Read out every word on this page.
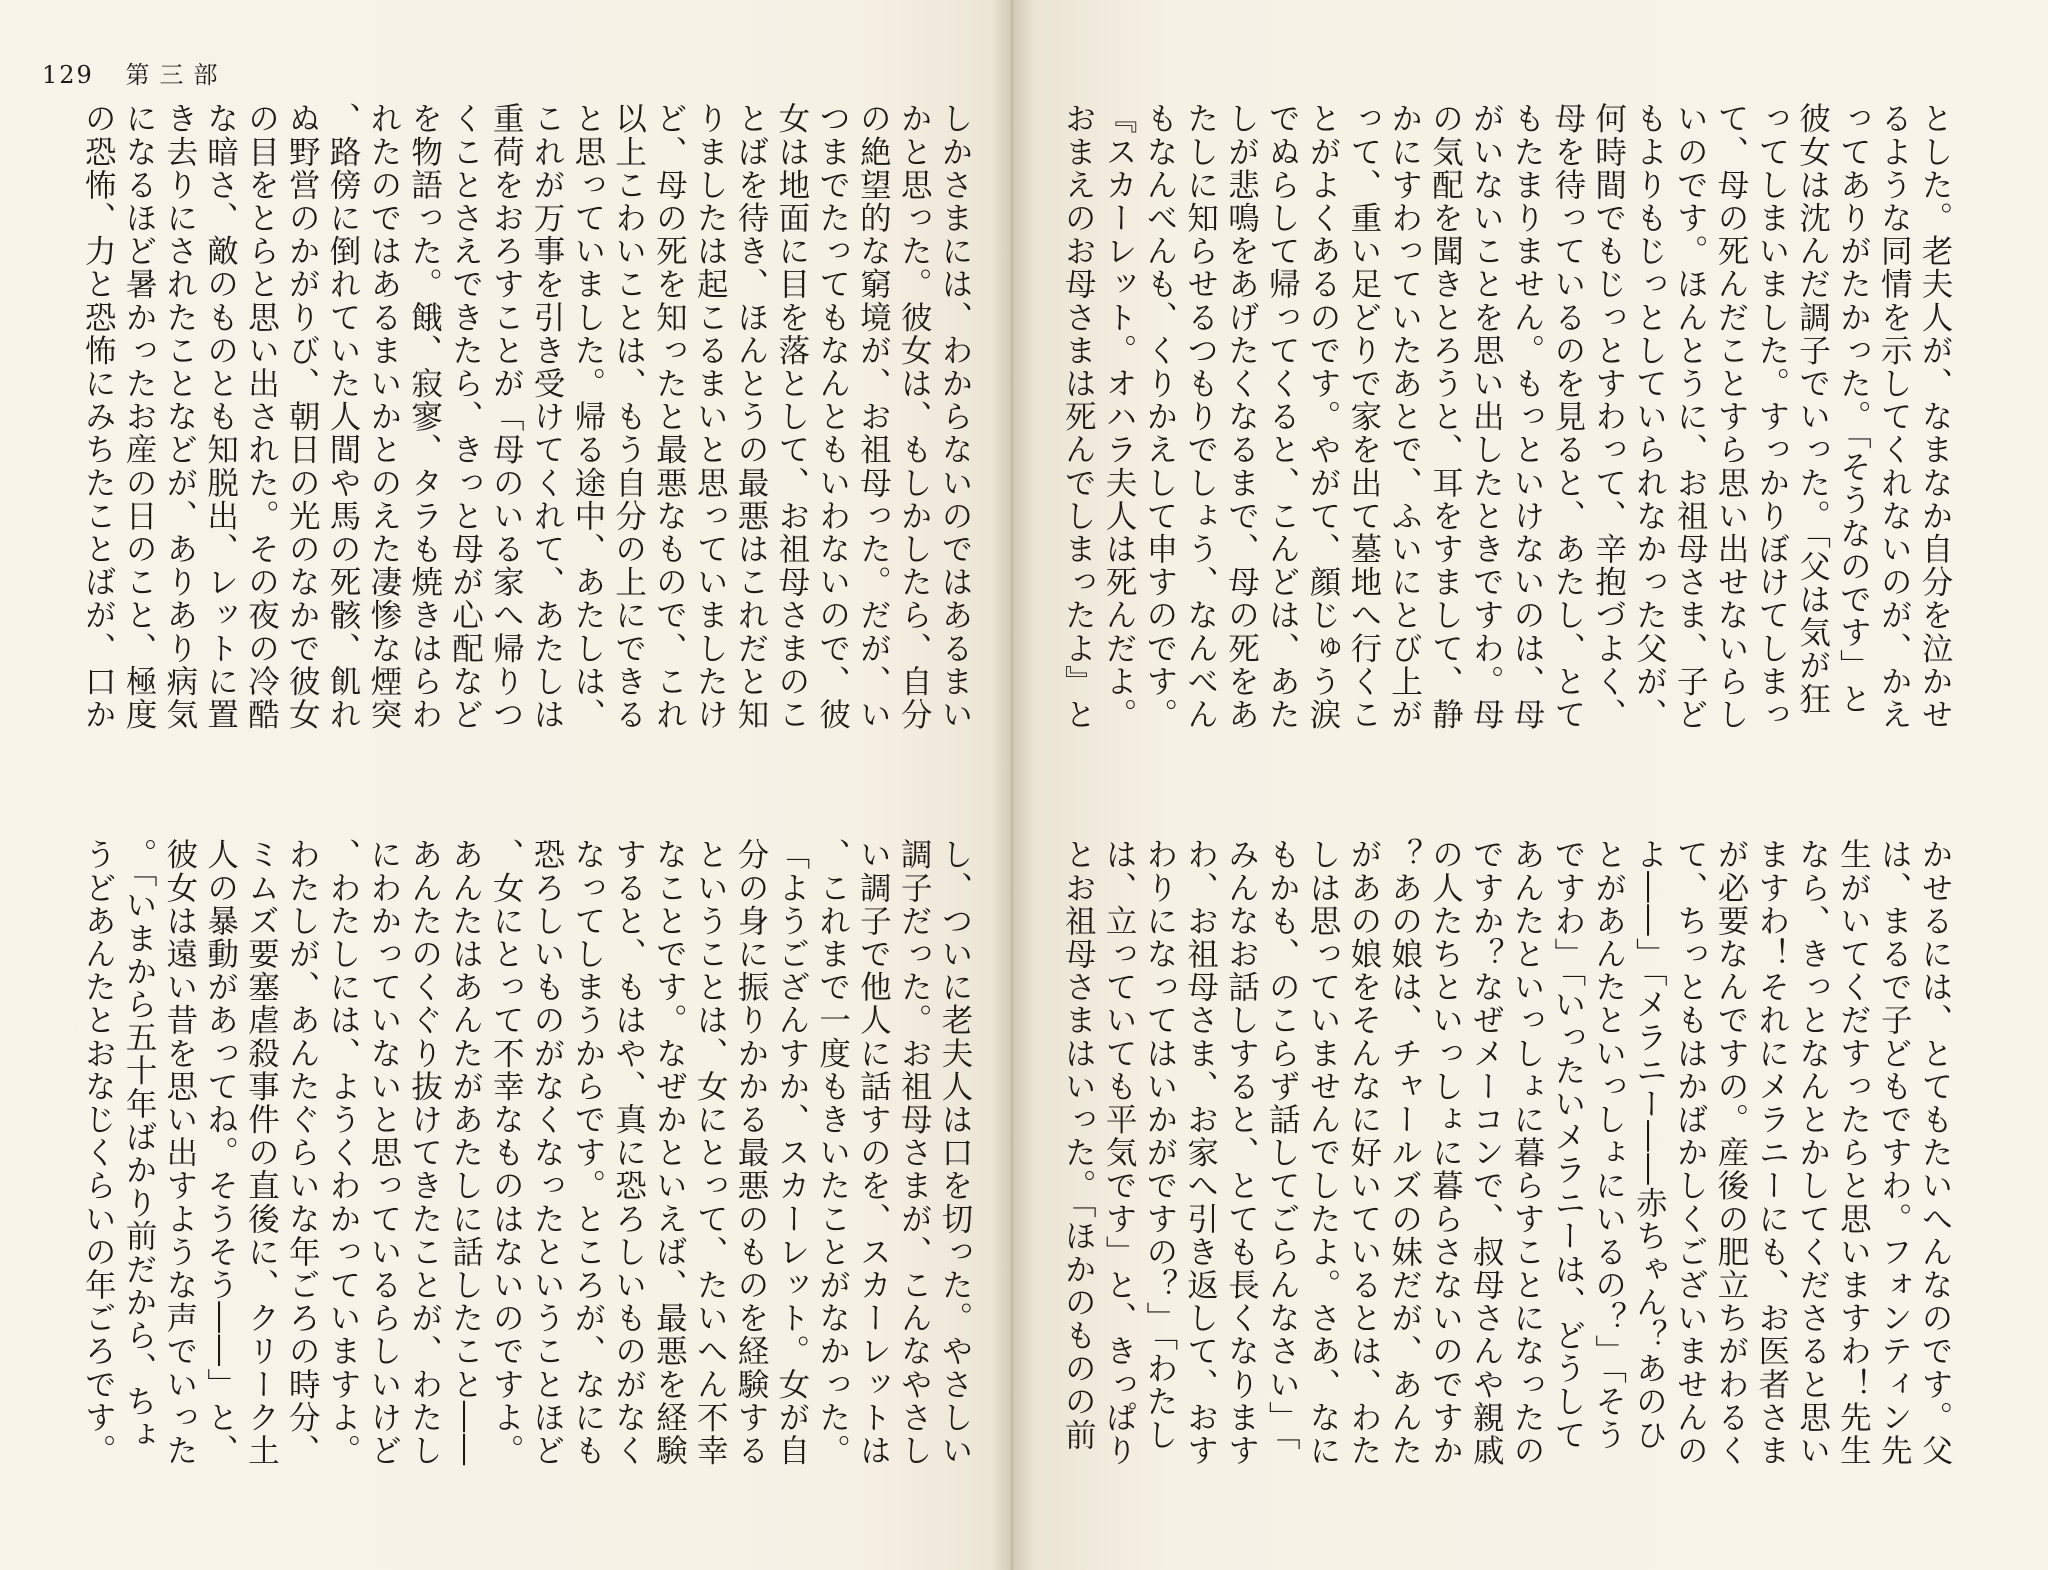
129 第三部
しかさまには、わからないのではあるまい
かと思った。彼女は、もしかしたら、自分
の絶望的な窮境が、お祖母った。だが、い
つまでたってもなんともいわないので、彼
女は地面に目を落として、お祖母さまのこ
とばを待き、ほんとうの最悪はこれだと知
りましたは起こるまいと思っていましたけ
ど、母の死を知ったと最悪なもので、これ
以上こわいことは、もう自分の上にできる
と思っていました。帰る途中、あたしは、
これが万事を引き受けてくれて、あたしは
重荷をおろすことが「母のいる家へ帰りつ
くことさえできたら、きっと母が心配など
を物語った。餓、寂寥、タラも焼きはらわ
れたのではあるまいかとのえた凄惨な煙突
、路傍に倒れていた人間や馬の死骸、飢れ
ぬ野営のかがりび、朝日の光のなかで彼女
の目をとらと思い出された。その夜の冷酷
な暗さ、敵のものとも知脱出、レットに置
き去りにされたことなどが、ありあり病気
になるほど暑かったお産の日のこと、極度
の恐怖、力と恐怖にみちたことばが、口か

し、ついに老夫人は口を切った。やさしい
調子だった。お祖母さまが、こんなやさし
い調子で他人に話すのを、スカーレットは
、これまで一度もきいたことがなかった。
「ようござんすか、スカーレット。女が自
分の身に振りかかる最悪のものを経験する
ということは、女にとって、たいへん不幸
なことです。なぜかといえば、最悪を経験
すると、もはや、真に恐ろしいものがなく
なってしまうからです。ところが、なにも
恐ろしいものがなくなったということほど
、女にとって不幸なものはないのですよ。
あんたはあんたがあたしに話したこと――
あんたのくぐり抜けてきたことが、わたし
にわかっていないと思っているらしいけど
、わたしには、ようくわかっていますよ。
わたしが、あんたぐらいな年ごろの時分、
ミムズ要塞虐殺事件の直後に、クリーク土
人の暴動があってね。そうそう――」と、
彼女は遠い昔を思い出すような声でいった
。「いまから五十年ばかり前だから、ちょ
うどあんたとおなじくらいの年ごろです。

とした。老夫人が、なまなか自分を泣かせ
るような同情を示してくれないのが、かえ
ってありがたかった。「そうなのです」と
彼女は沈んだ調子でいった。「父は気が狂
ってしまいました。すっかりぼけてしまっ
て、母の死んだことすら思い出せないらし
いのです。ほんとうに、お祖母さま、子ど
もよりもじっとしていられなかった父が、
何時間でもじっとすわって、辛抱づよく、
母を待っているのを見ると、あたし、とて
もたまりません。もっといけないのは、母
がいないことを思い出したときですわ。母
の気配を聞きとろうと、耳をすまして、静
かにすわっていたあとで、ふいにとび上が
って、重い足どりで家を出て墓地へ行くこ
とがよくあるのです。やがて、顔じゅう涙
でぬらして帰ってくると、こんどは、あた
しが悲鳴をあげたくなるまで、母の死をあ
たしに知らせるつもりでしょう、なんべん
もなんべんも、くりかえして申すのです。
『スカーレット。オハラ夫人は死んだよ。
おまえのお母さまは死んでしまったよ』と

かせるには、とてもたいへんなのです。父
は、まるで子どもですわ。フォンティン先
生がいてくだすったらと思いますわ！先生
なら、きっとなんとかしてくださると思い
ますわ！それにメラニーにも、お医者さま
が必要なんですの。産後の肥立ちがわるく
て、ちっともはかばかしくございませんの
よ――」「メラニー――赤ちゃん？あのひ
とがあんたといっしょにいるの？」「そう
ですわ」「いったいメラニーは、どうして
あんたといっしょに暮らすことになったの
ですか？なぜメーコンで、叔母さんや親戚
の人たちといっしょに暮らさないのですか
？あの娘は、チャールズの妹だが、あんた
があの娘をそんなに好いているとは、わた
しは思っていませんでしたよ。さあ、なに
もかも、のこらず話してごらんなさい」「
みんなお話しすると、とても長くなります
わ、お祖母さま、お家へ引き返して、おす
わりになってはいかがですの？」「わたし
は、立っていても平気です」と、きっぱり
とお祖母さまはいった。「ほかのものの前
